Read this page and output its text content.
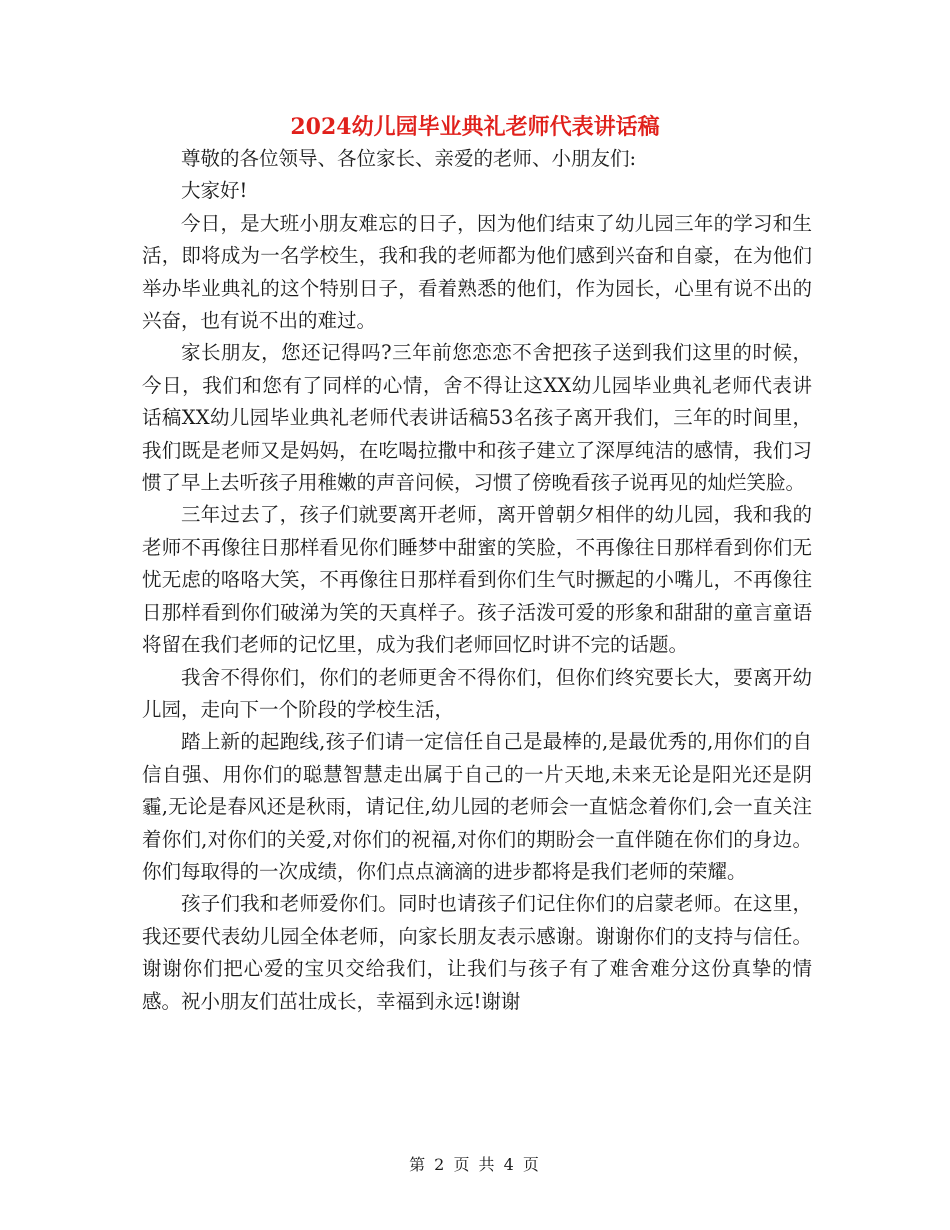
2024幼儿园毕业典礼老师代表讲话稿

尊敬的各位领导、各位家长、亲爱的老师、小朋友们:

大家好!

今日，是大班小朋友难忘的日子，因为他们结束了幼儿园三年的学习和生活，即将成为一名学校生，我和我的老师都为他们感到兴奋和自豪，在为他们举办毕业典礼的这个特别日子，看着熟悉的他们，作为园长，心里有说不出的兴奋，也有说不出的难过。

家长朋友，您还记得吗?三年前您恋恋不舍把孩子送到我们这里的时候，今日，我们和您有了同样的心情，舍不得让这XX幼儿园毕业典礼老师代表讲话稿XX幼儿园毕业典礼老师代表讲话稿53名孩子离开我们，三年的时间里，我们既是老师又是妈妈，在吃喝拉撒中和孩子建立了深厚纯洁的感情，我们习惯了早上去听孩子用稚嫩的声音问候，习惯了傍晚看孩子说再见的灿烂笑脸。

三年过去了，孩子们就要离开老师，离开曾朝夕相伴的幼儿园，我和我的老师不再像往日那样看见你们睡梦中甜蜜的笑脸，不再像往日那样看到你们无忧无虑的咯咯大笑，不再像往日那样看到你们生气时撅起的小嘴儿，不再像往日那样看到你们破涕为笑的天真样子。孩子活泼可爱的形象和甜甜的童言童语将留在我们老师的记忆里，成为我们老师回忆时讲不完的话题。

我舍不得你们，你们的老师更舍不得你们，但你们终究要长大，要离开幼儿园，走向下一个阶段的学校生活，

踏上新的起跑线,孩子们请一定信任自己是最棒的,是最优秀的,用你们的自信自强、用你们的聪慧智慧走出属于自己的一片天地,未来无论是阳光还是阴霾,无论是春风还是秋雨，请记住,幼儿园的老师会一直惦念着你们,会一直关注着你们,对你们的关爱,对你们的祝福,对你们的期盼会一直伴随在你们的身边。你们每取得的一次成绩，你们点点滴滴的进步都将是我们老师的荣耀。

孩子们我和老师爱你们。同时也请孩子们记住你们的启蒙老师。在这里，我还要代表幼儿园全体老师，向家长朋友表示感谢。谢谢你们的支持与信任。谢谢你们把心爱的宝贝交给我们，让我们与孩子有了难舍难分这份真挚的情感。祝小朋友们茁壮成长，幸福到永远!谢谢

第 2 页 共 4 页
